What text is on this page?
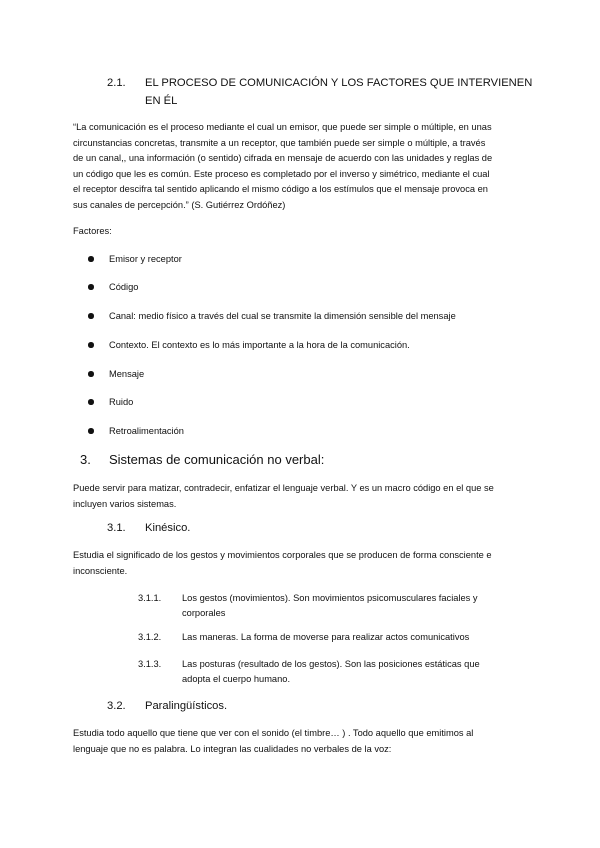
2.1. EL PROCESO DE COMUNICACIÓN Y LOS FACTORES QUE INTERVIENEN
EN ÉL
“La comunicación es el proceso mediante el cual un emisor, que puede ser simple o múltiple, en unas
circunstancias concretas, transmite a un receptor, que también puede ser simple o múltiple, a través
de un canal,, una información (o sentido) cifrada en mensaje de acuerdo con las unidades y reglas de
un código que les es común. Este proceso es completado por el inverso y simétrico, mediante el cual
el receptor descifra tal sentido aplicando el mismo código a los estímulos que el mensaje provoca en
sus canales de percepción.” (S. Gutiérrez Ordóñez)
Factores:
Emisor y receptor
Código
Canal: medio físico a través del cual se transmite la dimensión sensible del mensaje
Contexto. El contexto es lo más importante a la hora de la comunicación.
Mensaje
Ruido
Retroalimentación
3. Sistemas de comunicación no verbal:
Puede servir para matizar, contradecir, enfatizar el lenguaje verbal. Y es un macro código en el que se
incluyen varios sistemas.
3.1. Kinésico.
Estudia el significado de los gestos y movimientos corporales que se producen de forma consciente e
inconsciente.
3.1.1. Los gestos (movimientos). Son movimientos psicomusculares faciales y
corporales
3.1.2. Las maneras. La forma de moverse para realizar actos comunicativos
3.1.3. Las posturas (resultado de los gestos). Son las posiciones estáticas que
adopta el cuerpo humano.
3.2. Paralingüísticos.
Estudia todo aquello que tiene que ver con el sonido (el timbre… ) . Todo aquello que emitimos al
lenguaje que no es palabra. Lo integran las cualidades no verbales de la voz:
